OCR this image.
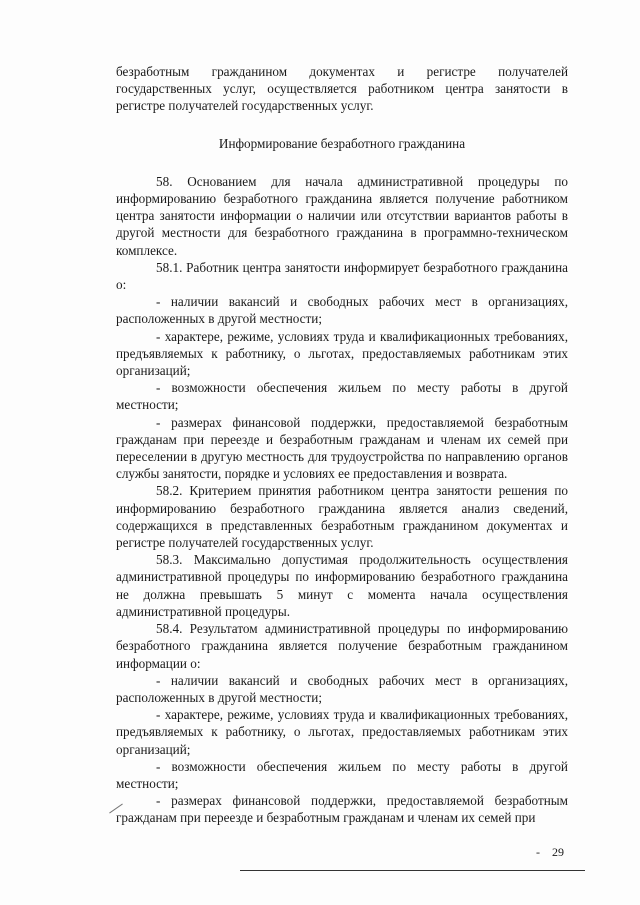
безработным гражданином документах и регистре получателей государственных услуг, осуществляется работником центра занятости в регистре получателей государственных услуг.

Информирование безработного гражданина

58. Основанием для начала административной процедуры по информированию безработного гражданина является получение работником центра занятости информации о наличии или отсутствии вариантов работы в другой местности для безработного гражданина в программно-техническом комплексе.

58.1. Работник центра занятости информирует безработного гражданина о:

- наличии вакансий и свободных рабочих мест в организациях, расположенных в другой местности;

- характере, режиме, условиях труда и квалификационных требованиях, предъявляемых к работнику, о льготах, предоставляемых работникам этих организаций;

- возможности обеспечения жильем по месту работы в другой местности;

- размерах финансовой поддержки, предоставляемой безработным гражданам при переезде и безработным гражданам и членам их семей при переселении в другую местность для трудоустройства по направлению органов службы занятости, порядке и условиях ее предоставления и возврата.

58.2. Критерием принятия работником центра занятости решения по информированию безработного гражданина является анализ сведений, содержащихся в представленных безработным гражданином документах и регистре получателей государственных услуг.

58.3. Максимально допустимая продолжительность осуществления административной процедуры по информированию безработного гражданина не должна превышать 5 минут с момента начала осуществления административной процедуры.

58.4. Результатом административной процедуры по информированию безработного гражданина является получение безработным гражданином информации о:

- наличии вакансий и свободных рабочих мест в организациях, расположенных в другой местности;

- характере, режиме, условиях труда и квалификационных требованиях, предъявляемых к работнику, о льготах, предоставляемых работникам этих организаций;

- возможности обеспечения жильем по месту работы в другой местности;

- размерах финансовой поддержки, предоставляемой безработным гражданам при переезде и безработным гражданам и членам их семей при

- 29
